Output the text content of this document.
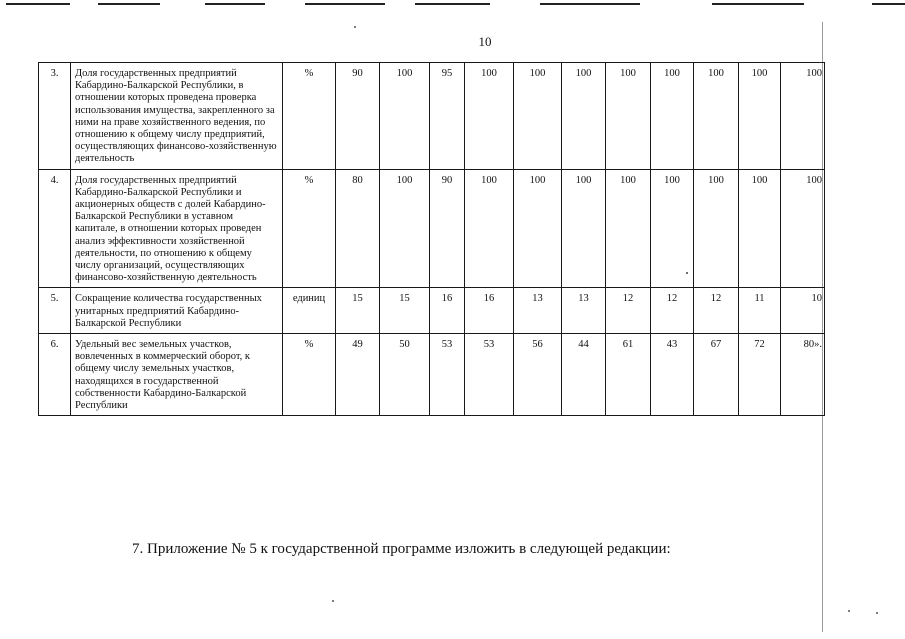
10
3.	Доля государственных предприятий Кабардино-Балкарской Республики, в отношении которых проведена проверка использования имущества, закрепленного за ними на праве хозяйственного ведения, по отношению к общему числу предприятий, осуществляющих финансово-хозяйственную деятельность	%	90	100	95	100	100	100	100	100	100	100	100
4.	Доля государственных предприятий Кабардино-Балкарской Республики и акционерных обществ с долей Кабардино-Балкарской Республики в уставном капитале, в отношении которых проведен анализ эффективности хозяйственной деятельности, по отношению к общему числу организаций, осуществляющих финансово-хозяйственную деятельность	%	80	100	90	100	100	100	100	100	100	100	100
5.	Сокращение количества государственных унитарных предприятий Кабардино-Балкарской Республики	единиц	15	15	16	16	13	13	12	12	12	11	10
6.	Удельный вес земельных участков, вовлеченных в коммерческий оборот, к общему числу земельных участков, находящихся в государственной собственности Кабардино-Балкарской Республики	%	49	50	53	53	56	44	61	43	67	72	80».
7. Приложение № 5 к государственной программе изложить в следующей редакции:
